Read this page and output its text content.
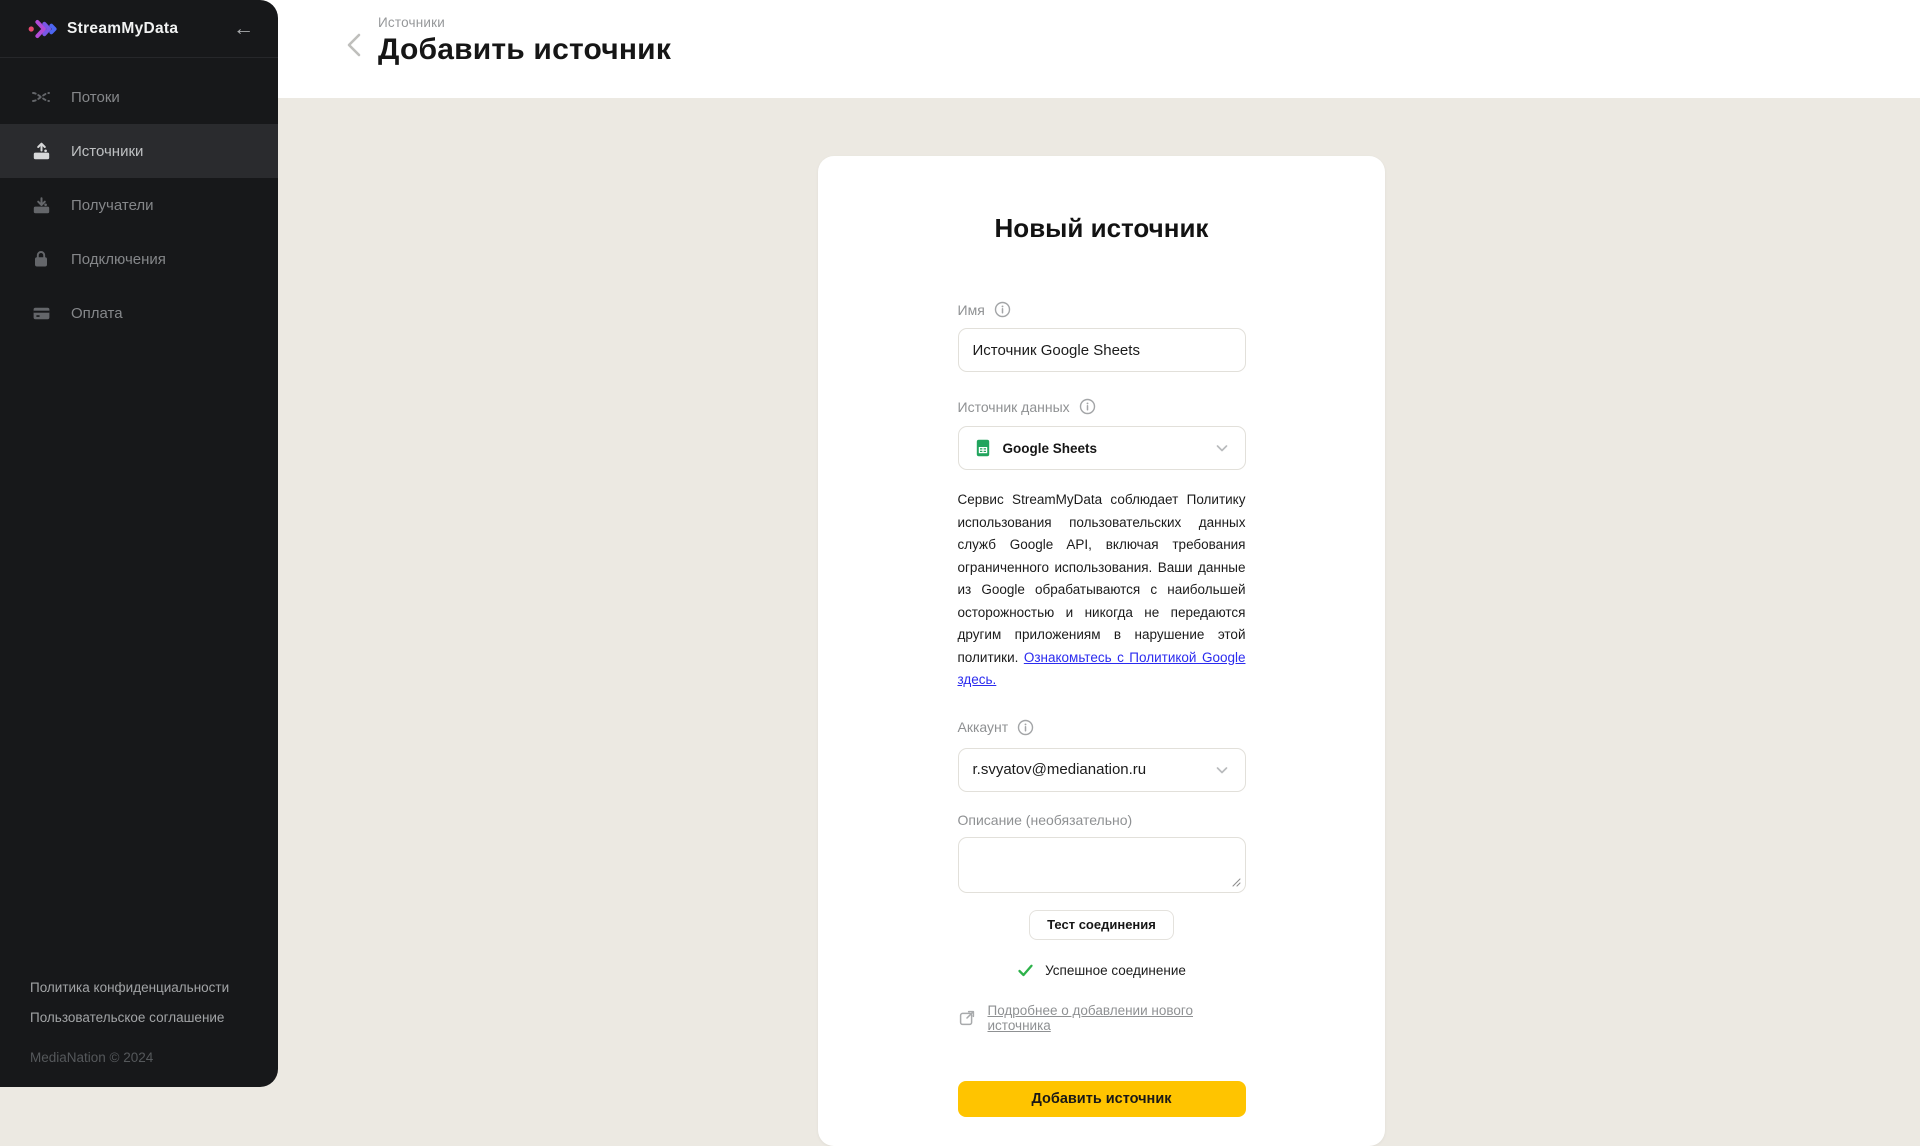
Источники
Добавить источник
StreamMyData	←
Потоки
Источники
Получатели
Подключения
Оплата
Политика конфиденциальности
Пользовательское соглашение
MediaNation © 2024
Новый источник
Имя
Источник Google Sheets
Источник данных
Google Sheets
Сервис StreamMyData соблюдает Политику использования пользовательских данных служб Google API, включая требования ограниченного использования. Ваши данные из Google обрабатываются с наибольшей осторожностью и никогда не передаются другим приложениям в нарушение этой политики. Ознакомьтесь с Политикой Google здесь.
Аккаунт
r.svyatov@medianation.ru
Описание (необязательно)
Тест соединения
Успешное соединение
Подробнее о добавлении нового источника
Добавить источник
